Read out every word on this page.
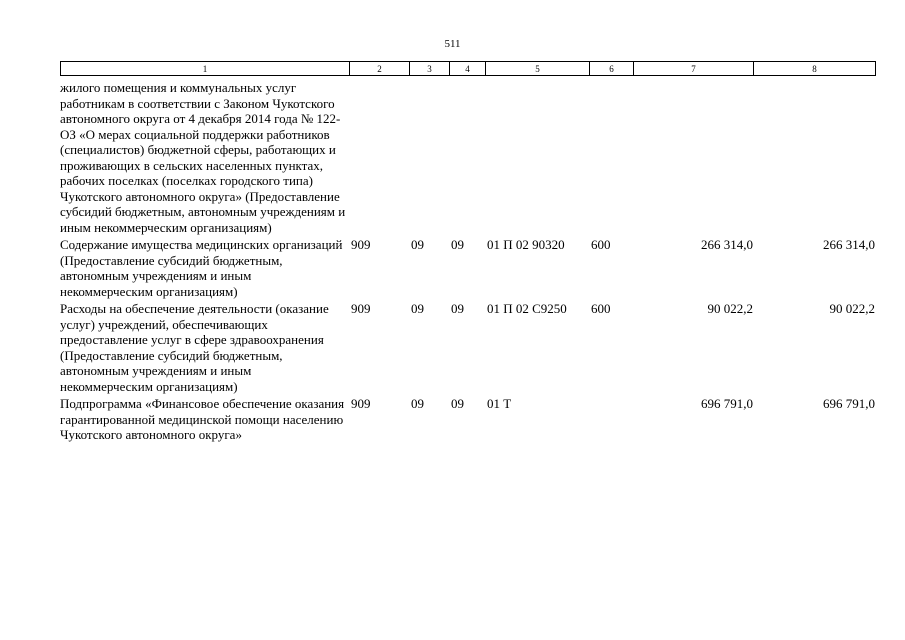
511
1	2	3	4	5	6	7	8
жилого помещения и коммунальных услуг работникам в соответствии с Законом Чукотского автономного округа от 4 декабря 2014 года № 122-ОЗ «О мерах социальной поддержки работников (специалистов) бюджетной сферы, работающих и проживающих в сельских населенных пунктах, рабочих поселках (поселках городского типа) Чукотского автономного округа» (Предоставление субсидий бюджетным, автономным учреждениям и иным некоммерческим организациям)							

Содержание имущества медицинских организаций (Предоставление субсидий бюджетным, автономным учреждениям и иным некоммерческим организациям)	909	09	09	01 П 02 90320	600	266 314,0	266 314,0

Расходы на обеспечение деятельности (оказание услуг) учреждений, обеспечивающих предоставление услуг в сфере здравоохранения (Предоставление субсидий бюджетным, автономным учреждениям и иным некоммерческим организациям)	909	09	09	01 П 02 С9250	600	90 022,2	90 022,2

Подпрограмма «Финансовое обеспечение оказания гарантированной медицинской помощи населению Чукотского автономного округа»	909	09	09	01 Т		696 791,0	696 791,0
